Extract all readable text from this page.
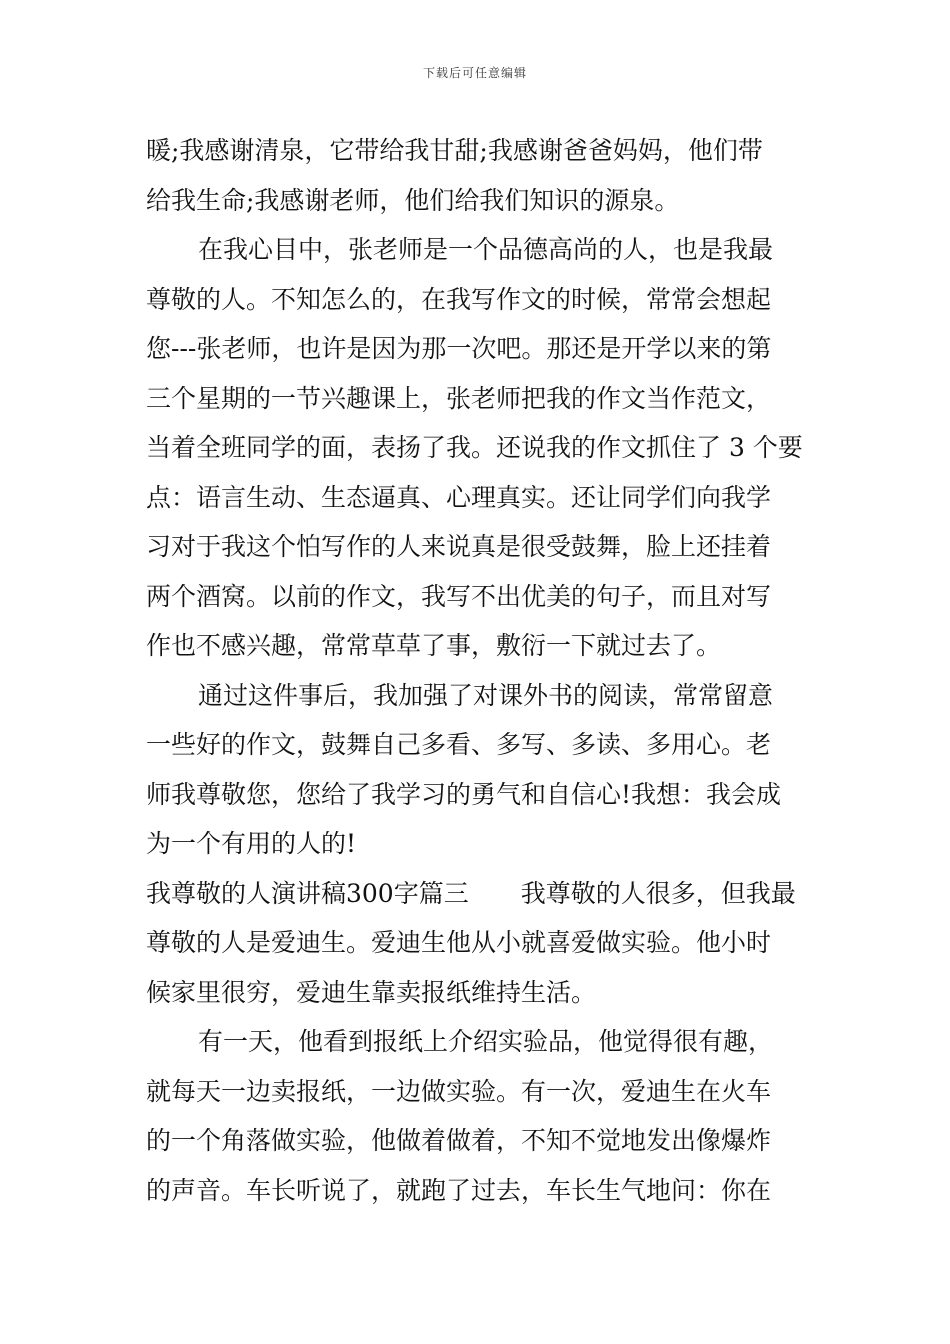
下载后可任意编辑
暖;我感谢清泉，它带给我甘甜;我感谢爸爸妈妈，他们带
给我生命;我感谢老师，他们给我们知识的源泉。
在我心目中，张老师是一个品德高尚的人，也是我最
尊敬的人。不知怎么的，在我写作文的时候，常常会想起
您---张老师，也许是因为那一次吧。那还是开学以来的第
三个星期的一节兴趣课上，张老师把我的作文当作范文，
当着全班同学的面，表扬了我。还说我的作文抓住了 3 个要
点：语言生动、生态逼真、心理真实。还让同学们向我学
习对于我这个怕写作的人来说真是很受鼓舞，脸上还挂着
两个酒窝。以前的作文，我写不出优美的句子，而且对写
作也不感兴趣，常常草草了事，敷衍一下就过去了。
通过这件事后，我加强了对课外书的阅读，常常留意
一些好的作文，鼓舞自己多看、多写、多读、多用心。老
师我尊敬您，您给了我学习的勇气和自信心!我想：我会成
为一个有用的人的!
我尊敬的人演讲稿300字篇三 我尊敬的人很多，但我最
尊敬的人是爱迪生。爱迪生他从小就喜爱做实验。他小时
候家里很穷，爱迪生靠卖报纸维持生活。
有一天，他看到报纸上介绍实验品，他觉得很有趣，
就每天一边卖报纸，一边做实验。有一次，爱迪生在火车
的一个角落做实验，他做着做着，不知不觉地发出像爆炸
的声音。车长听说了，就跑了过去，车长生气地问：你在
